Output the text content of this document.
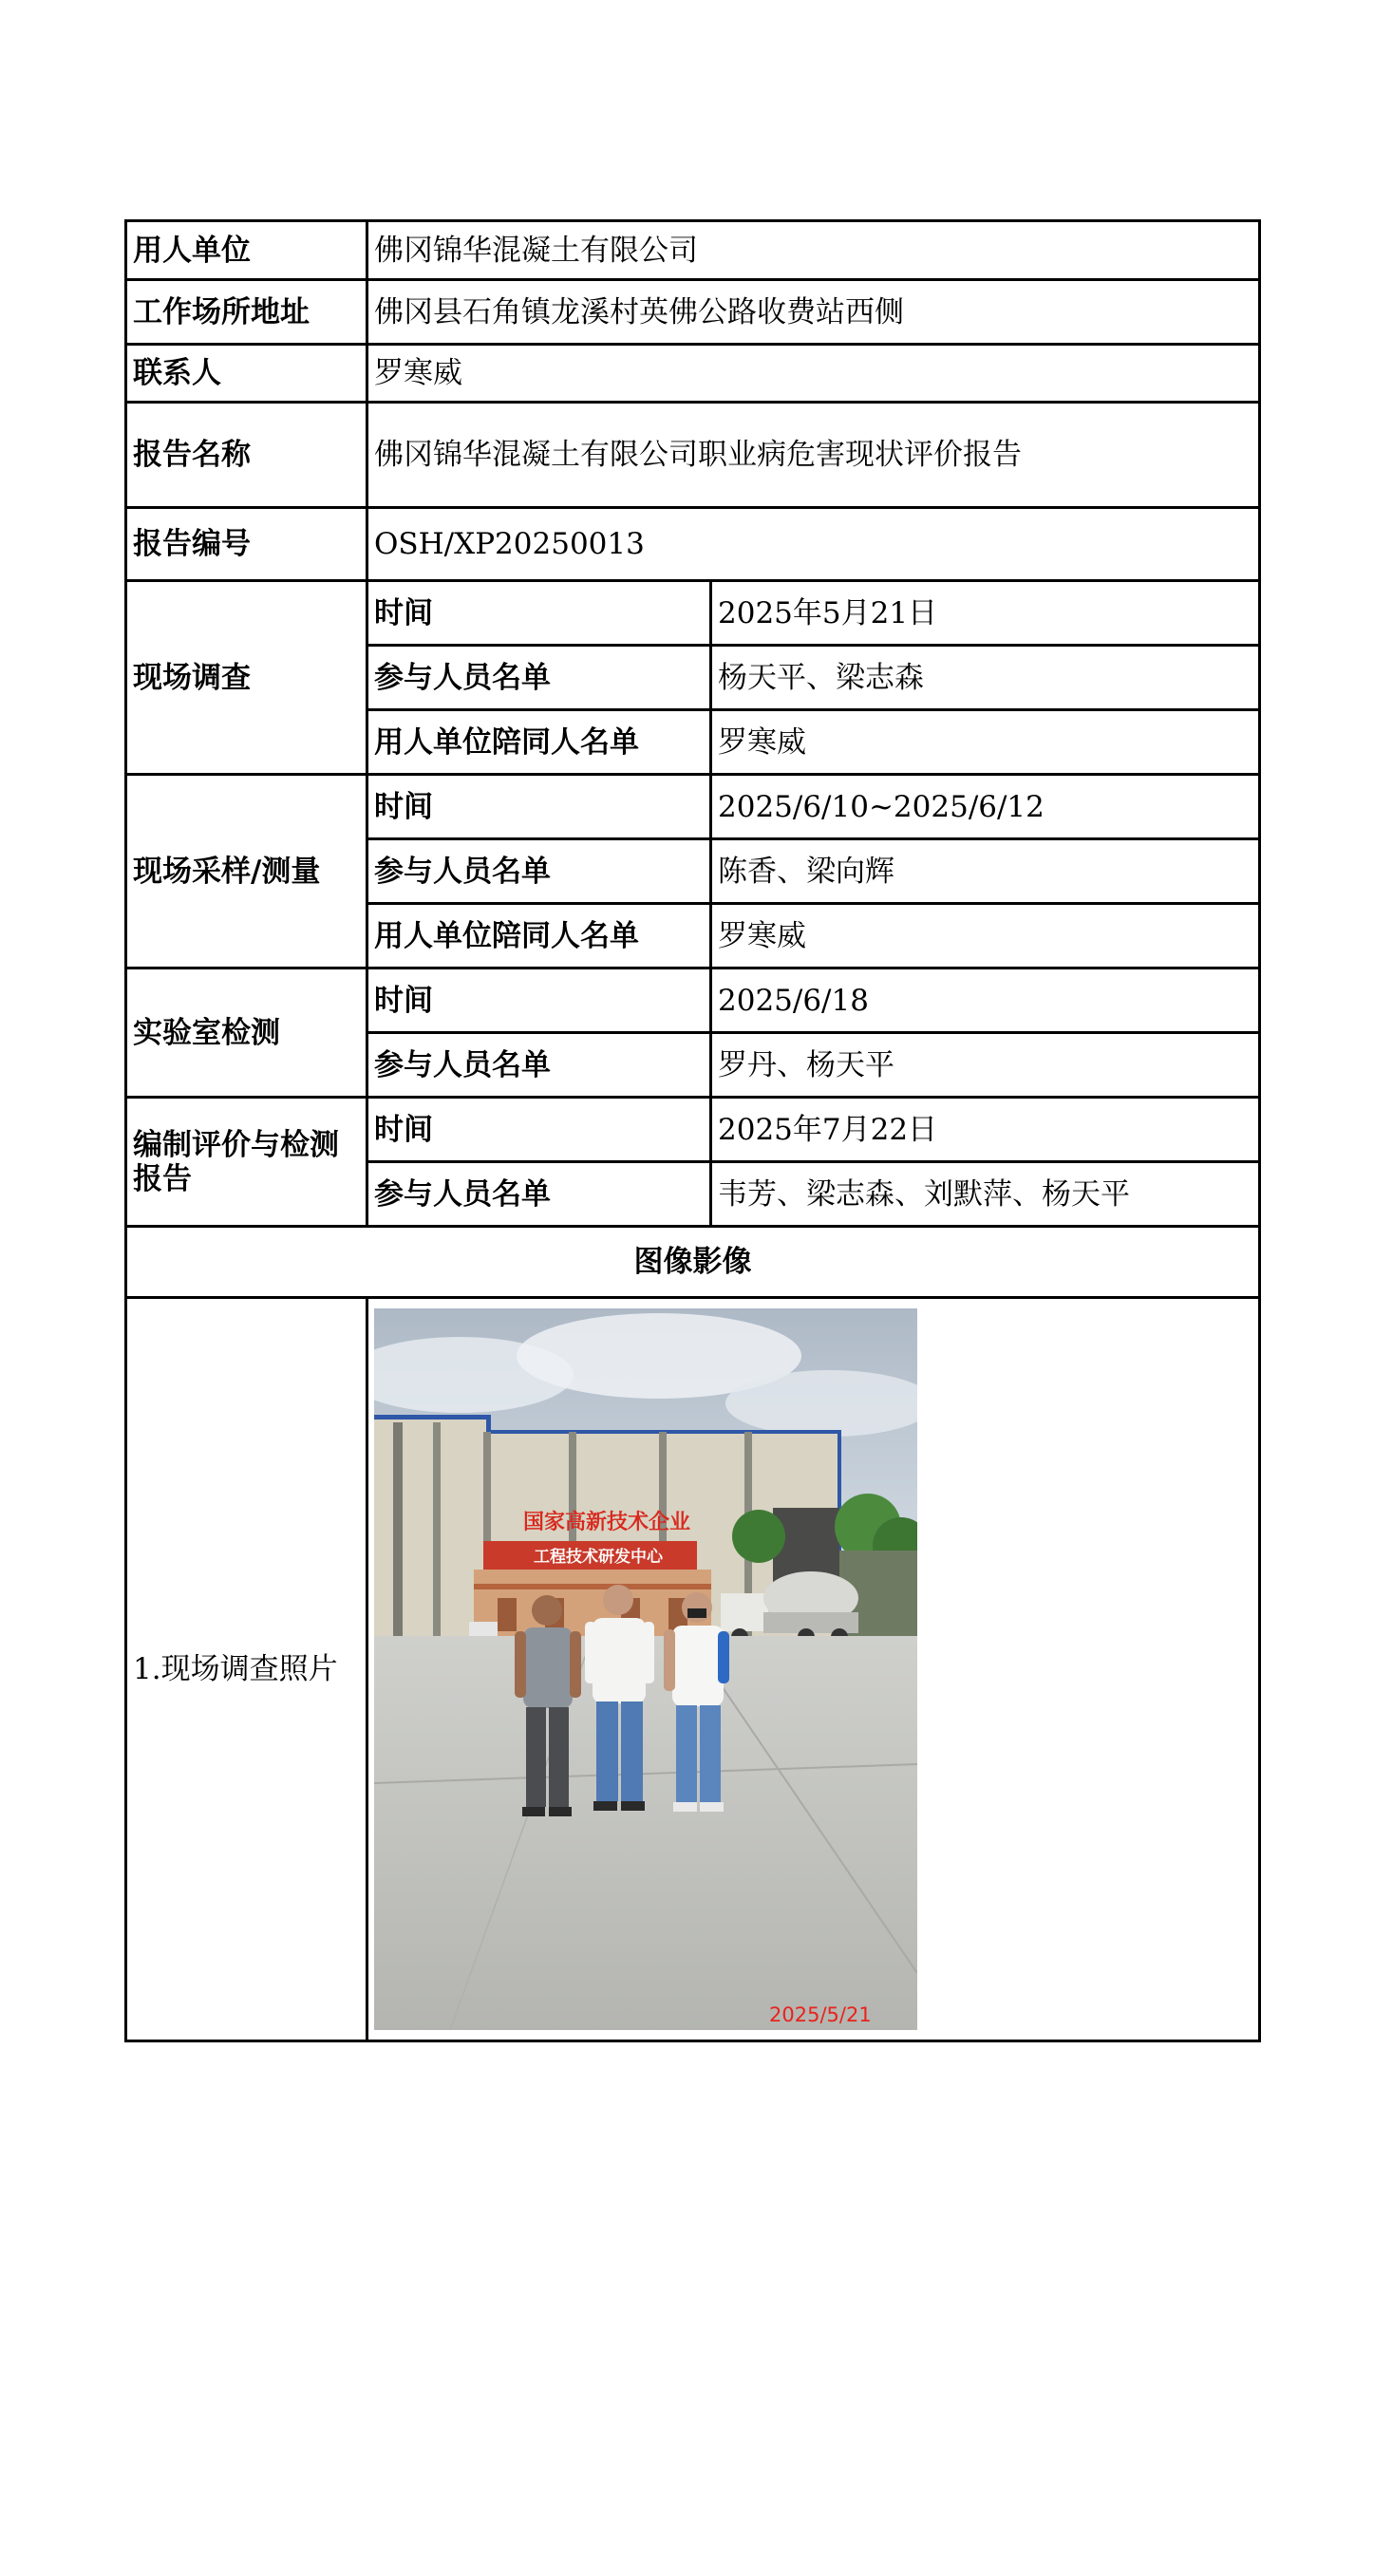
用人单位	佛冈锦华混凝土有限公司	
工作场所地址	佛冈县石角镇龙溪村英佛公路收费站西侧	
联系人	罗寒威	
报告名称	佛冈锦华混凝土有限公司职业病危害现状评价报告	
报告编号	OSH/XP20250013	
现场调查	时间	2025年5月21日
	参与人员名单	杨天平、梁志森
	用人单位陪同人名单	罗寒威
现场采样/测量	时间	2025/6/10~2025/6/12
	参与人员名单	陈香、梁向辉
	用人单位陪同人名单	罗寒威
实验室检测	时间	2025/6/18
	参与人员名单	罗丹、杨天平
编制评价与检测报告	时间	2025年7月22日
	参与人员名单	韦芳、梁志森、刘默萍、杨天平
图像影像		
1.现场调查照片	国家高新技术企业
工程技术研发中心
2025/5/21	
